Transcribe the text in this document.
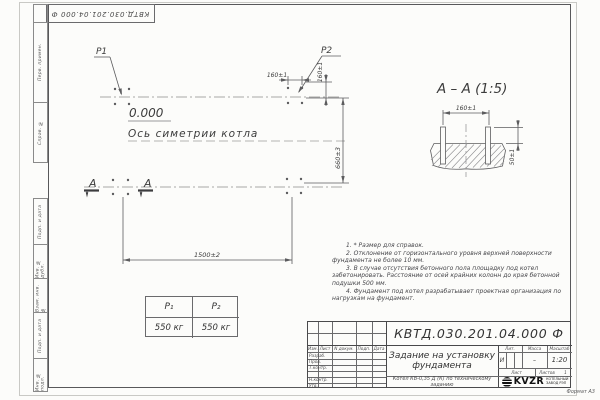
КВТД.030.201.04.000 Ф
Перв. примен.
Справ. №
Подп. и дата
Инв. № дубл.
Взам. инв. №
Подп. и дата
Инв. № подл.
P1	P2
0.000
Ось симетрии котла
1500±2
660±3
160±1	160±1
А	А
А – А (1:5)
160±1
50±1

1. * Размер для справок.

2. Отклонение от горизонтального уровня верхней поверхности фундамента не более 10 мм.

3. В случае отсутствия бетонного пола площадку под котел забетонировать. Расстояние от осей крайних колонн до края бетонной подушки 500 мм.

4. Фундамент под котел разрабатывает проектная организация по нагрузкам на фундамент.

P₁	P₂
550 кг	550 кг	КВТД.030.201.04.000 Ф
Изм. Лист N докум. Подп. Дата
Разраб.
Пров.
Т.контр.
Н.контр.
Утв.
Задание на установку фундамента
Котел КВ-0,35 Д (К) по техническому заданию
Лит.	Масса	Масштаб
И	–	1:20
Лист	Листов	1
KVZR КОТЕЛЬНЫЙ
ЗАВОД РЭП
Формат А3
